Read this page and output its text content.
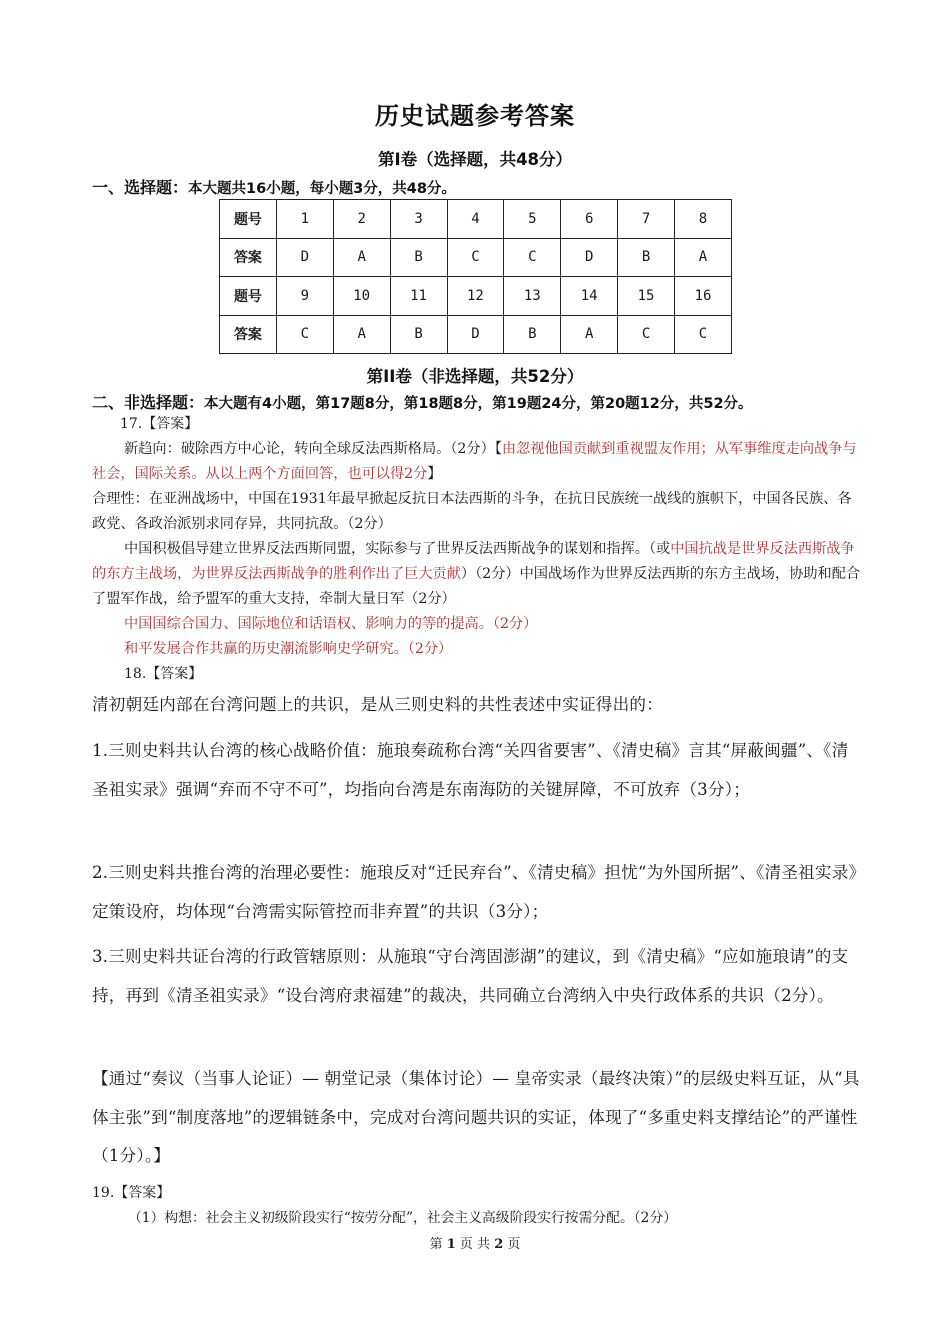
历史试题参考答案
第Ⅰ卷（选择题，共48分）
一、选择题：本大题共16小题，每小题3分，共48分。
题号	1	2	3	4	5	6	7	8
答案	D	A	B	C	C	D	B	A
题号	9	10	11	12	13	14	15	16
答案	C	A	B	D	B	A	C	C
第II卷（非选择题，共52分）
二、非选择题：本大题有4小题，第17题8分，第18题8分，第19题24分，第20题12分，共52分。
17.【答案】
新趋向：破除西方中心论，转向全球反法西斯格局。（2分）【由忽视他国贡献到重视盟友作用；从军事维度走向战争与社会，国际关系。从以上两个方面回答，也可以得2分】
合理性：在亚洲战场中，中国在1931年最早掀起反抗日本法西斯的斗争，在抗日民族统一战线的旗帜下，中国各民族、各政党、各政治派别求同存异，共同抗敌。（2分）
中国积极倡导建立世界反法西斯同盟，实际参与了世界反法西斯战争的谋划和指挥。（或中国抗战是世界反法西斯战争的东方主战场，为世界反法西斯战争的胜利作出了巨大贡献）（2分）中国战场作为世界反法西斯的东方主战场，协助和配合了盟军作战，给予盟军的重大支持，牵制大量日军（2分）
中国国综合国力、国际地位和话语权、影响力的等的提高。（2分）
和平发展合作共赢的历史潮流影响史学研究。（2分）
18.【答案】
清初朝廷内部在台湾问题上的共识，是从三则史料的共性表述中实证得出的：
1.三则史料共认台湾的核心战略价值：施琅奏疏称台湾“关四省要害”、《清史稿》言其“屏蔽闽疆”、《清圣祖实录》强调“弃而不守不可”，均指向台湾是东南海防的关键屏障，不可放弃（3分）；
2.三则史料共推台湾的治理必要性：施琅反对“迁民弃台”、《清史稿》担忧“为外国所据”、《清圣祖实录》定策设府，均体现“台湾需实际管控而非弃置”的共识（3分）；
3.三则史料共证台湾的行政管辖原则：从施琅“守台湾固澎湖”的建议，到《清史稿》“应如施琅请”的支持，再到《清圣祖实录》“设台湾府隶福建”的裁决，共同确立台湾纳入中央行政体系的共识（2分）。
【通过“奏议（当事人论证）— 朝堂记录（集体讨论）— 皇帝实录（最终决策）”的层级史料互证，从“具体主张”到“制度落地”的逻辑链条中，完成对台湾问题共识的实证，体现了“多重史料支撑结论”的严谨性（1分）。】
19.【答案】
（1）构想：社会主义初级阶段实行“按劳分配”，社会主义高级阶段实行按需分配。（2分）
第 1 页 共 2 页
